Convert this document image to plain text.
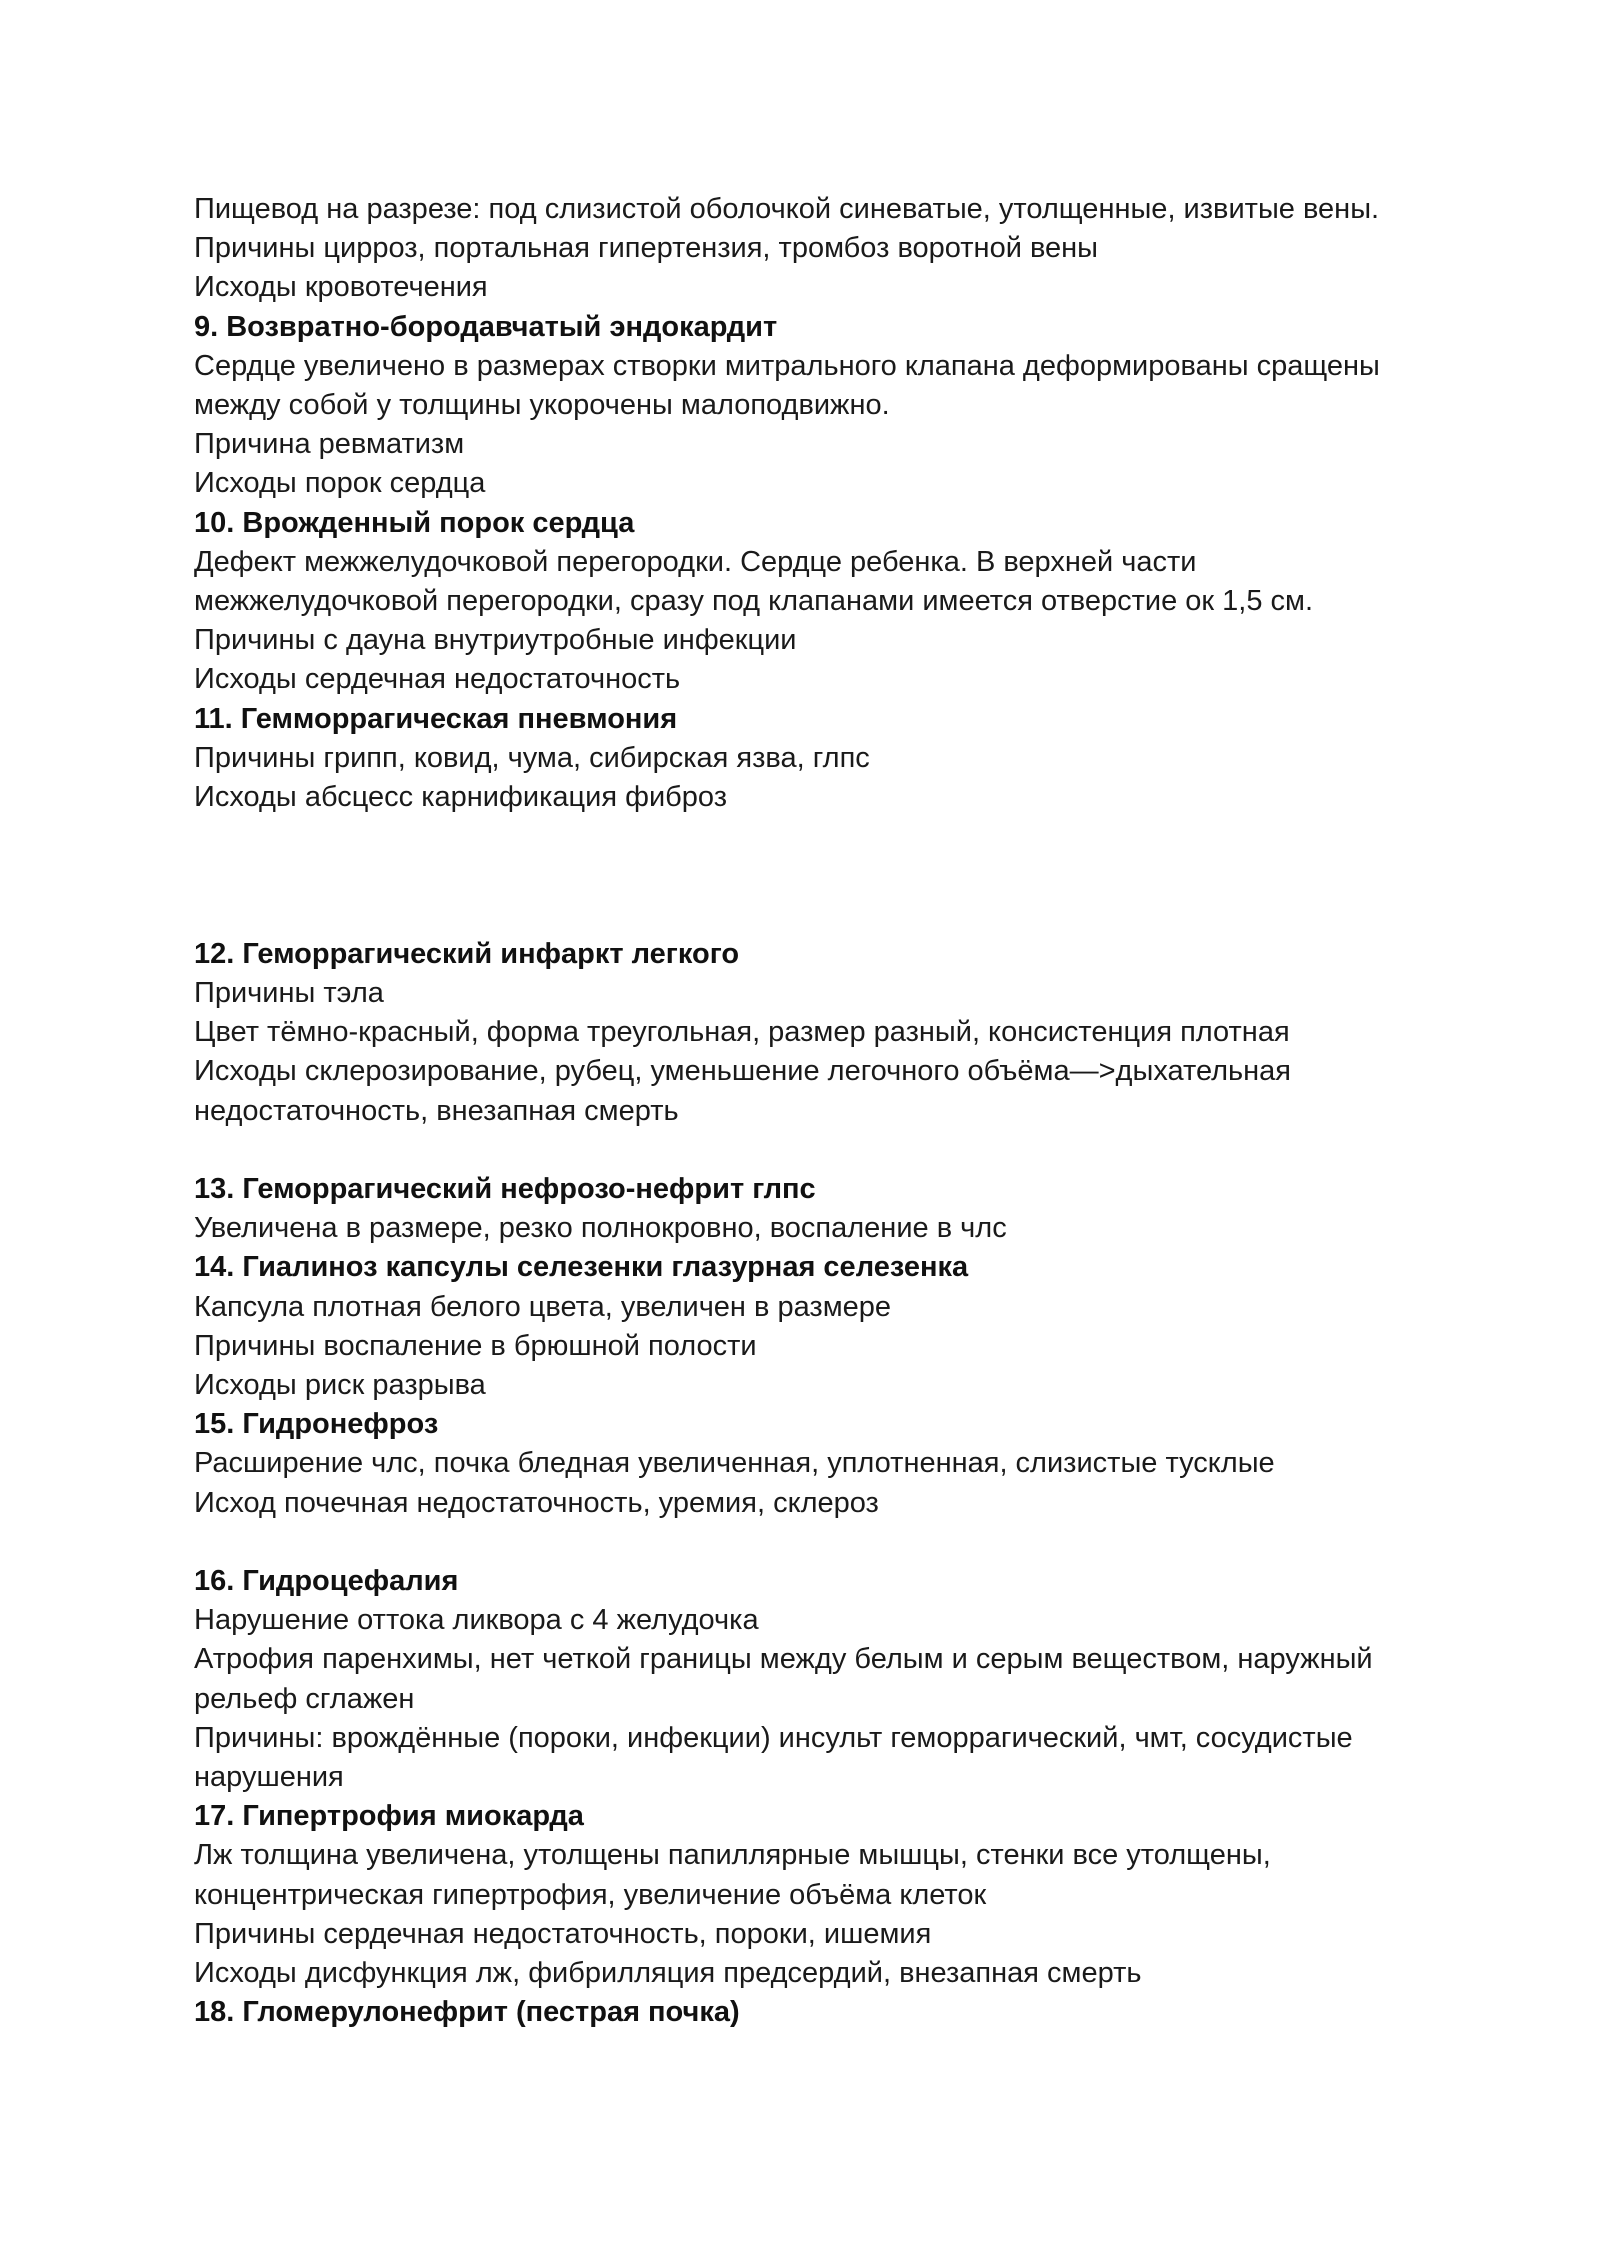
Пищевод на разрезе: под слизистой оболочкой синеватые, утолщенные, извитые вены.

Причины цирроз, портальная гипертензия, тромбоз воротной вены

Исходы кровотечения

9. Возвратно-бородавчатый эндокардит

Сердце увеличено в размерах створки митрального клапана деформированы сращены между собой у толщины укорочены малоподвижно.

Причина ревматизм

Исходы порок сердца

10. Врожденный порок сердца

Дефект межжелудочковой перегородки. Сердце ребенка. В верхней части межжелудочковой перегородки, сразу под клапанами имеется отверстие ок 1,5 см.

Причины с дауна внутриутробные инфекции

Исходы сердечная недостаточность

11. Гемморрагическая пневмония

Причины грипп, ковид, чума, сибирская язва, глпс

Исходы абсцесс карнификация фиброз

12. Геморрагический инфаркт легкого

Причины тэла

Цвет тёмно-красный, форма треугольная, размер разный, консистенция плотная

Исходы склерозирование, рубец, уменьшение легочного объёма—>дыхательная недостаточность, внезапная смерть

13. Геморрагический нефрозо-нефрит глпс

Увеличена в размере, резко полнокровно, воспаление в члс

14. Гиалиноз капсулы селезенки глазурная селезенка

Капсула плотная белого цвета, увеличен в размере

Причины воспаление в брюшной полости

Исходы риск разрыва

15. Гидронефроз

Расширение члс, почка бледная увеличенная, уплотненная, слизистые тусклые

Исход почечная недостаточность, уремия, склероз

16. Гидроцефалия

Нарушение оттока ликвора с 4 желудочка

Атрофия паренхимы, нет четкой границы между белым и серым веществом, наружный рельеф сглажен

Причины: врождённые (пороки, инфекции) инсульт геморрагический, чмт, сосудистые нарушения

17. Гипертрофия миокарда

Лж толщина увеличена, утолщены папиллярные мышцы, стенки все утолщены, концентрическая гипертрофия, увеличение объёма клеток

Причины сердечная недостаточность, пороки, ишемия

Исходы дисфункция лж, фибрилляция предсердий, внезапная смерть

18. Гломерулонефрит (пестрая почка)
